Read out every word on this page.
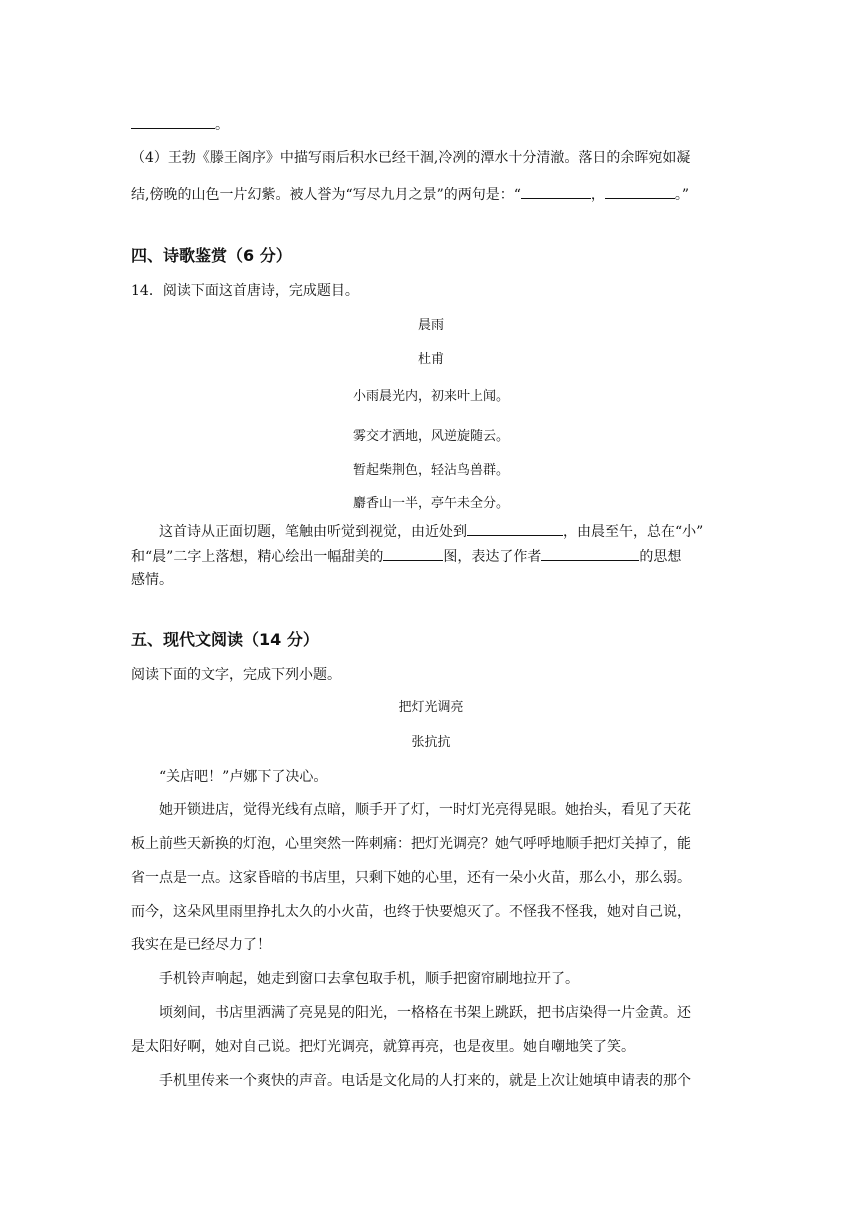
。
（4）王勃《滕王阁序》中描写雨后积水已经干涸,冷冽的潭水十分清澈。落日的余晖宛如凝
结,傍晚的山色一片幻紫。被人誉为“写尽九月之景”的两句是：“	，	。”
四、诗歌鉴赏（6 分）
14．阅读下面这首唐诗，完成题目。
晨雨
杜甫
小雨晨光内，初来叶上闻。
雾交才洒地，风逆旋随云。
暂起柴荆色，轻沾鸟兽群。
麝香山一半，亭午未全分。
这首诗从正面切题，笔触由听觉到视觉，由近处到	，由晨至午，总在“小”
和“晨”二字上落想，精心绘出一幅甜美的	图，表达了作者	的思想
感情。
五、现代文阅读（14 分）
阅读下面的文字，完成下列小题。
把灯光调亮
张抗抗
“关店吧！”卢娜下了决心。
她开锁进店，觉得光线有点暗，顺手开了灯，一时灯光亮得晃眼。她抬头，看见了天花
板上前些天新换的灯泡，心里突然一阵刺痛：把灯光调亮？她气呼呼地顺手把灯关掉了，能
省一点是一点。这家昏暗的书店里，只剩下她的心里，还有一朵小火苗，那么小，那么弱。
而今，这朵风里雨里挣扎太久的小火苗，也终于快要熄灭了。不怪我不怪我，她对自己说，
我实在是已经尽力了！
手机铃声响起，她走到窗口去拿包取手机，顺手把窗帘刷地拉开了。
顷刻间，书店里洒满了亮晃晃的阳光，一格格在书架上跳跃，把书店染得一片金黄。还
是太阳好啊，她对自己说。把灯光调亮，就算再亮，也是夜里。她自嘲地笑了笑。
手机里传来一个爽快的声音。电话是文化局的人打来的，就是上次让她填申请表的那个
